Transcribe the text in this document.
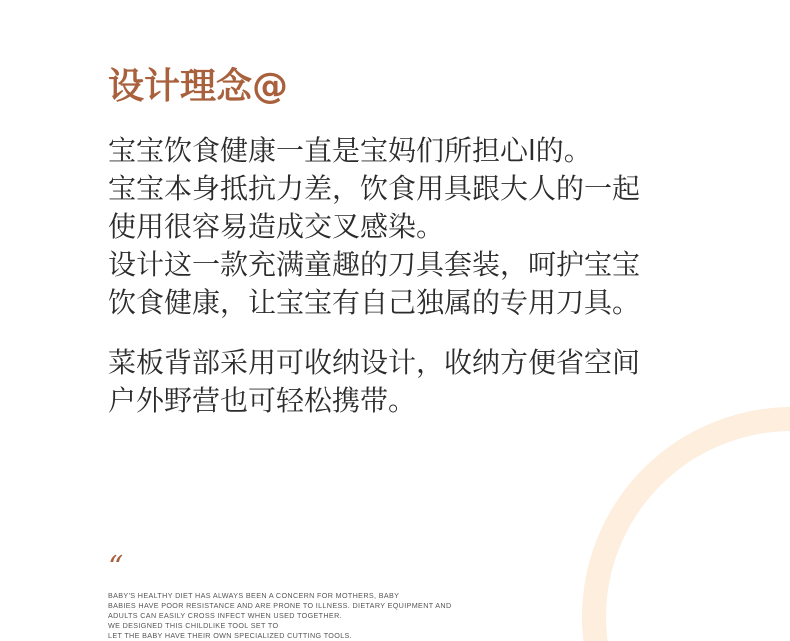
设计理念@
宝宝饮食健康一直是宝妈们所担心l的。
宝宝本身抵抗力差，饮食用具跟大人的一起
使用很容易造成交叉感染。
设计这一款充满童趣的刀具套装，呵护宝宝
饮食健康，让宝宝有自己独属的专用刀具。
菜板背部采用可收纳设计，收纳方便省空间
户外野营也可轻松携带。
“
BABY'S HEALTHY DIET HAS ALWAYS BEEN A CONCERN FOR MOTHERS, BABY
BABIES HAVE POOR RESISTANCE AND ARE PRONE TO ILLNESS. DIETARY EQUIPMENT AND
ADULTS CAN EASILY CROSS INFECT WHEN USED TOGETHER.
WE DESIGNED THIS CHILDLIKE TOOL SET TO
LET THE BABY HAVE THEIR OWN SPECIALIZED CUTTING TOOLS.
